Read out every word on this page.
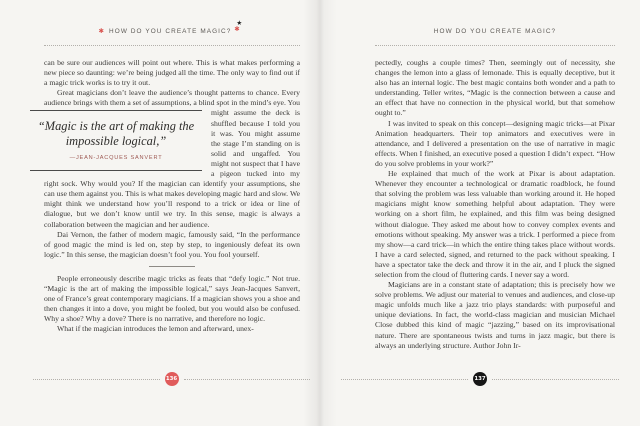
✱ HOW DO YOU CREATE MAGIC?
★
✱

can be sure our audiences will point out where. This is what makes performing a new piece so daunting: we’re being judged all the time. The only way to find out if a magic trick works is to try it out.

Great magicians don’t leave the audience’s thought patterns to chance. Every audience brings with them a set of assumptions, a blind
“Magic is the art of making the impossible logical,”
—JEAN-JACQUES SANVERT
spot in the mind’s eye. You might assume the deck is shuffled because I told you it was. You might assume the stage I’m standing on is solid and ungaffed. You might not suspect that I have a pigeon tucked into my right sock. Why would you? If the magician can identify your assumptions, she can use them against you. This is what makes developing magic hard and slow. We might think we understand how you’ll respond to a trick or idea or line of dialogue, but we don’t know until we try. In this sense, magic is always a collaboration between the magician and her audience.

Dai Vernon, the father of modern magic, famously said, “In the performance of good magic the mind is led on, step by step, to ingeniously defeat its own logic.” In this sense, the magician doesn’t fool you. You fool yourself.

People erroneously describe magic tricks as feats that “defy logic.” Not true. “Magic is the art of making the impossible logical,” says Jean-Jacques Sanvert, one of France’s great contemporary magicians. If a magician shows you a shoe and then changes it into a dove, you might be fooled, but you would also be confused. Why a shoe? Why a dove? There is no narrative, and therefore no logic.

What if the magician introduces the lemon and afterward, unex-

HOW DO YOU CREATE MAGIC?

pectedly, coughs a couple times? Then, seemingly out of necessity, she changes the lemon into a glass of lemonade. This is equally deceptive, but it also has an internal logic. The best magic contains both wonder and a path to understanding. Teller writes, “Magic is the connection between a cause and an effect that have no connection in the physical world, but that somehow ought to.”

I was invited to speak on this concept—designing magic tricks—at Pixar Animation headquarters. Their top animators and executives were in attendance, and I delivered a presentation on the use of narrative in magic effects. When I finished, an executive posed a question I didn’t expect. “How do you solve problems in your work?”

He explained that much of the work at Pixar is about adaptation. Whenever they encounter a technological or dramatic roadblock, he found that solving the problem was less valuable than working around it. He hoped magicians might know something helpful about adaptation. They were working on a short film, he explained, and this film was being designed without dialogue. They asked me about how to convey complex events and emotions without speaking. My answer was a trick. I performed a piece from my show—a card trick—in which the entire thing takes place without words. I have a card selected, signed, and returned to the pack without speaking. I have a spectator take the deck and throw it in the air, and I pluck the signed selection from the cloud of fluttering cards. I never say a word.

Magicians are in a constant state of adaptation; this is precisely how we solve problems. We adjust our material to venues and audiences, and close-up magic unfolds much like a jazz trio plays standards: with purposeful and unique deviations. In fact, the world-class magician and musician Michael Close dubbed this kind of magic “jazzing,” based on its improvisational nature. There are spontaneous twists and turns in jazz magic, but there is always an underlying structure. Author John Ir-

136	137
